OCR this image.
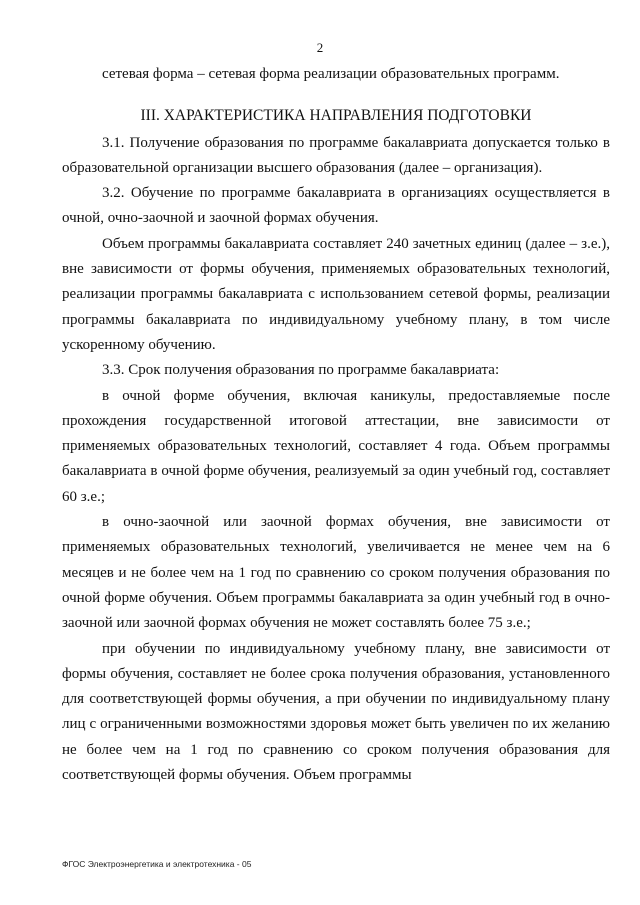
2

сетевая форма – сетевая форма реализации образовательных программ.

III. ХАРАКТЕРИСТИКА НАПРАВЛЕНИЯ ПОДГОТОВКИ

3.1. Получение образования по программе бакалавриата допускается только в образовательной организации высшего образования (далее – организация).

3.2. Обучение по программе бакалавриата в организациях осуществляется в очной, очно-заочной и заочной формах обучения.

Объем программы бакалавриата составляет 240 зачетных единиц (далее – з.е.), вне зависимости от формы обучения, применяемых образовательных технологий, реализации программы бакалавриата с использованием сетевой формы, реализации программы бакалавриата по индивидуальному учебному плану, в том числе ускоренному обучению.

3.3. Срок получения образования по программе бакалавриата:

в очной форме обучения, включая каникулы, предоставляемые после прохождения государственной итоговой аттестации, вне зависимости от применяемых образовательных технологий, составляет 4 года. Объем программы бакалавриата в очной форме обучения, реализуемый за один учебный год, составляет 60 з.е.;

в очно-заочной или заочной формах обучения, вне зависимости от применяемых образовательных технологий, увеличивается не менее чем на 6 месяцев и не более чем на 1 год по сравнению со сроком получения образования по очной форме обучения. Объем программы бакалавриата за один учебный год в очно-заочной или заочной формах обучения не может составлять более 75 з.е.;

при обучении по индивидуальному учебному плану, вне зависимости от формы обучения, составляет не более срока получения образования, установленного для соответствующей формы обучения, а при обучении по индивидуальному плану лиц с ограниченными возможностями здоровья может быть увеличен по их желанию не более чем на 1 год по сравнению со сроком получения образования для соответствующей формы обучения. Объем программы

ФГОС Электроэнергетика и электротехника - 05
